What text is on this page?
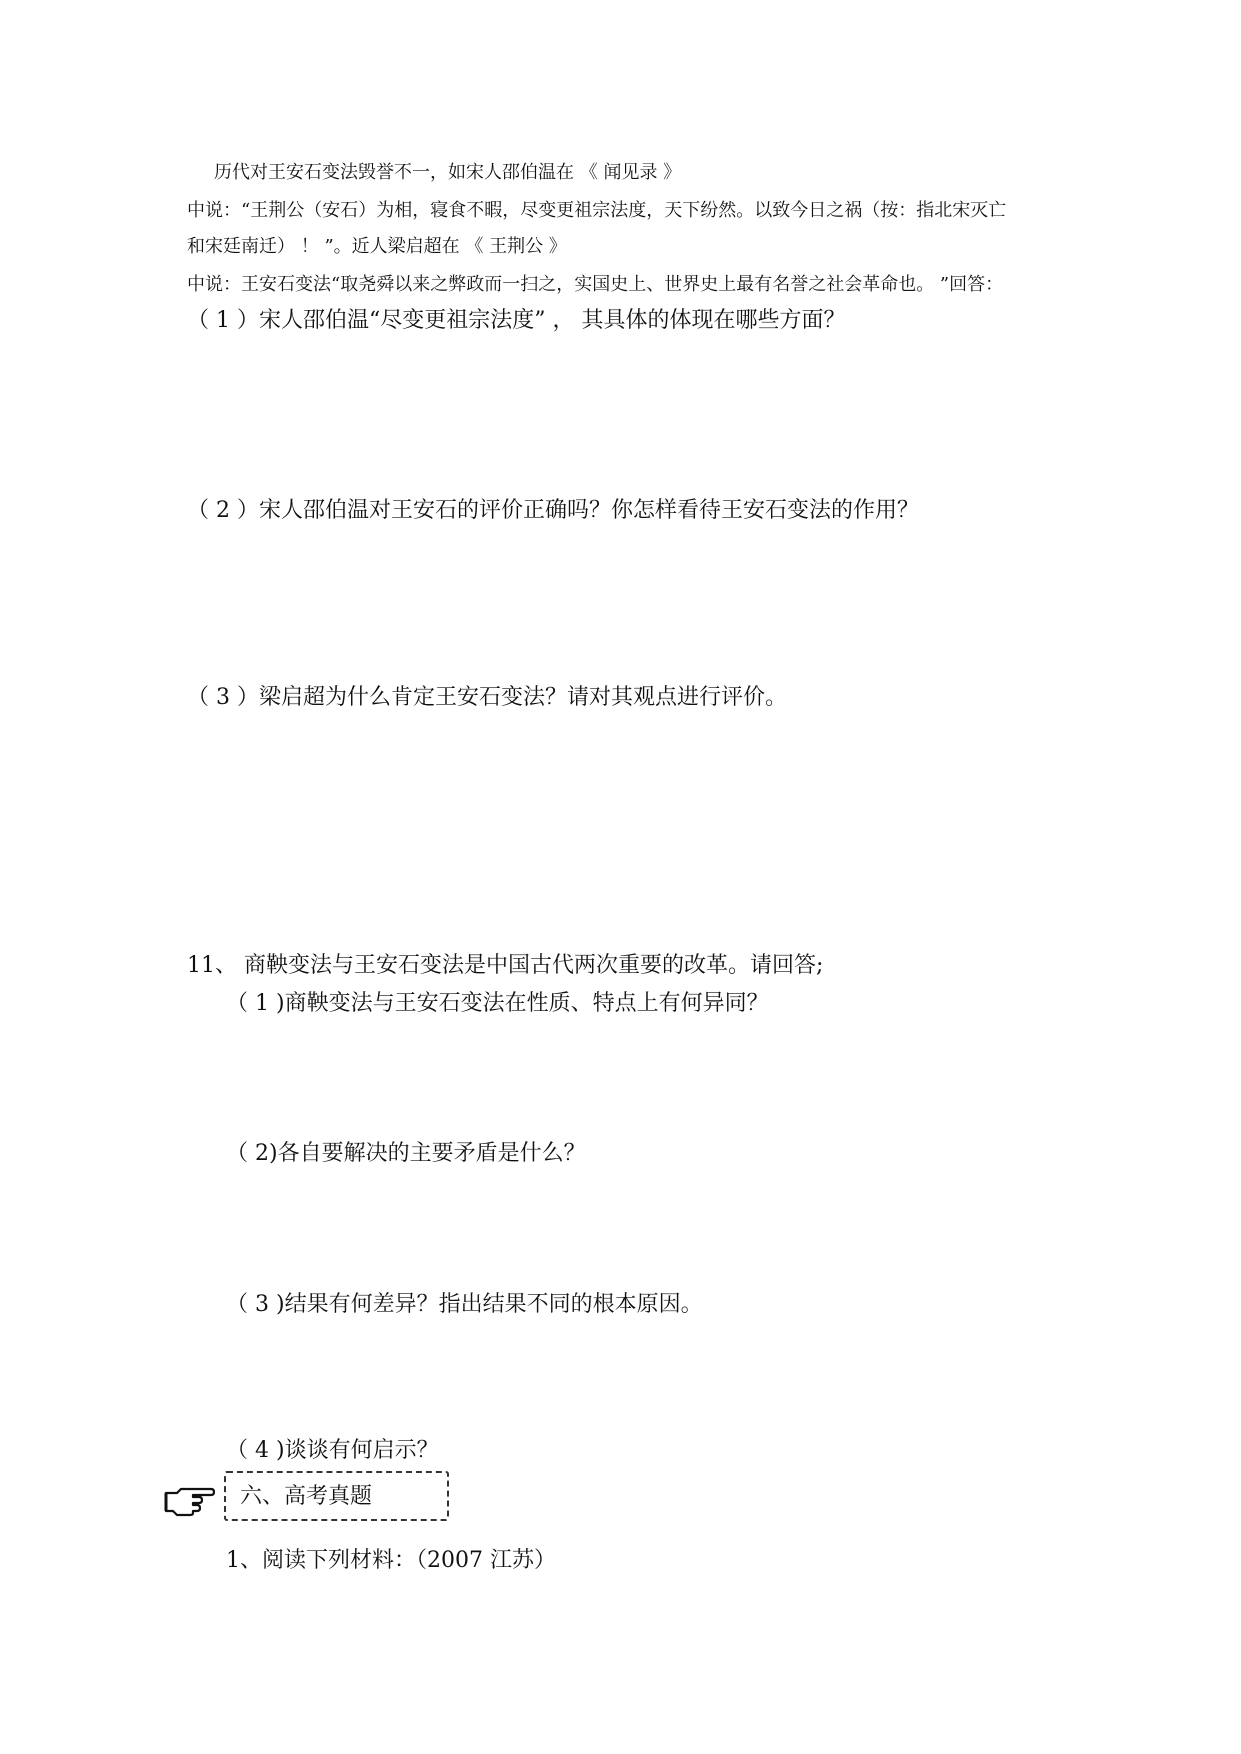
历代对王安石变法毁誉不一，如宋人邵伯温在 《 闻见录 》
中说：“王荆公（安石）为相，寝食不暇，尽变更祖宗法度，天下纷然。以致今日之祸（按：指北宋灭亡
和宋廷南迁） ！ ”。近人梁启超在 《 王荆公 》
中说：王安石变法“取尧舜以来之弊政而一扫之，实国史上、世界史上最有名誉之社会革命也。 ”回答：
（ 1 ）宋人邵伯温“尽变更祖宗法度” ， 其具体的体现在哪些方面？
（ 2 ）宋人邵伯温对王安石的评价正确吗？你怎样看待王安石变法的作用？
（ 3 ）梁启超为什么肯定王安石变法？请对其观点进行评价。
11、 商鞅变法与王安石变法是中国古代两次重要的改革。请回答;
（ 1 )商鞅变法与王安石变法在性质、特点上有何异同？
（ 2)各自要解决的主要矛盾是什么？
（ 3 )结果有何差异？指出结果不同的根本原因。
（ 4 )谈谈有何启示？
六、高考真题
1、阅读下列材料：（2007 江苏）
